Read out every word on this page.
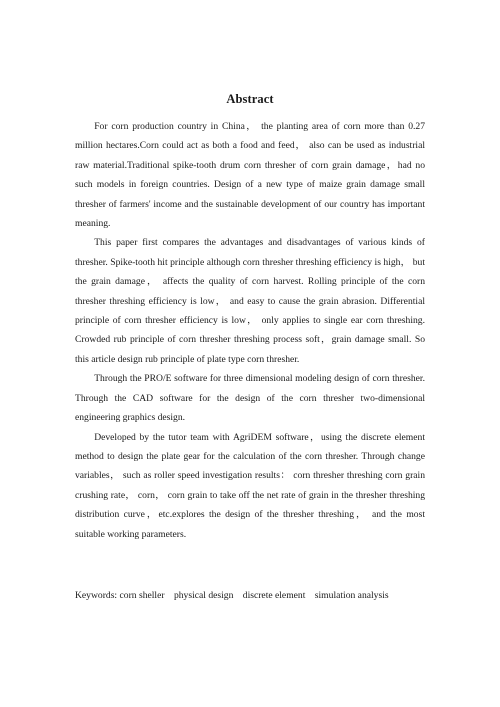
Abstract

For corn production country in China， the planting area of corn more than 0.27 million hectares.Corn could act as both a food and feed， also can be used as industrial raw material.Traditional spike-tooth drum corn thresher of corn grain damage，had no such models in foreign countries. Design of a new type of maize grain damage small thresher of farmers' income and the sustainable development of our country has important meaning.

This paper first compares the advantages and disadvantages of various kinds of thresher. Spike-tooth hit principle although corn thresher threshing efficiency is high， but the grain damage， affects the quality of corn harvest. Rolling principle of the corn thresher threshing efficiency is low， and easy to cause the grain abrasion. Differential principle of corn thresher efficiency is low， only applies to single ear corn threshing. Crowded rub principle of corn thresher threshing process soft，grain damage small. So this article design rub principle of plate type corn thresher.

Through the PRO/E software for three dimensional modeling design of corn thresher. Through the CAD software for the design of the corn thresher two-dimensional engineering graphics design.

Developed by the tutor team with AgriDEM software，using the discrete element method to design the plate gear for the calculation of the corn thresher. Through change variables， such as roller speed investigation results： corn thresher threshing corn grain crushing rate， corn， corn grain to take off the net rate of grain in the thresher threshing distribution curve，etc.explores the design of the thresher threshing， and the most suitable working parameters.

Keywords: corn sheller physical design discrete element simulation analysis
